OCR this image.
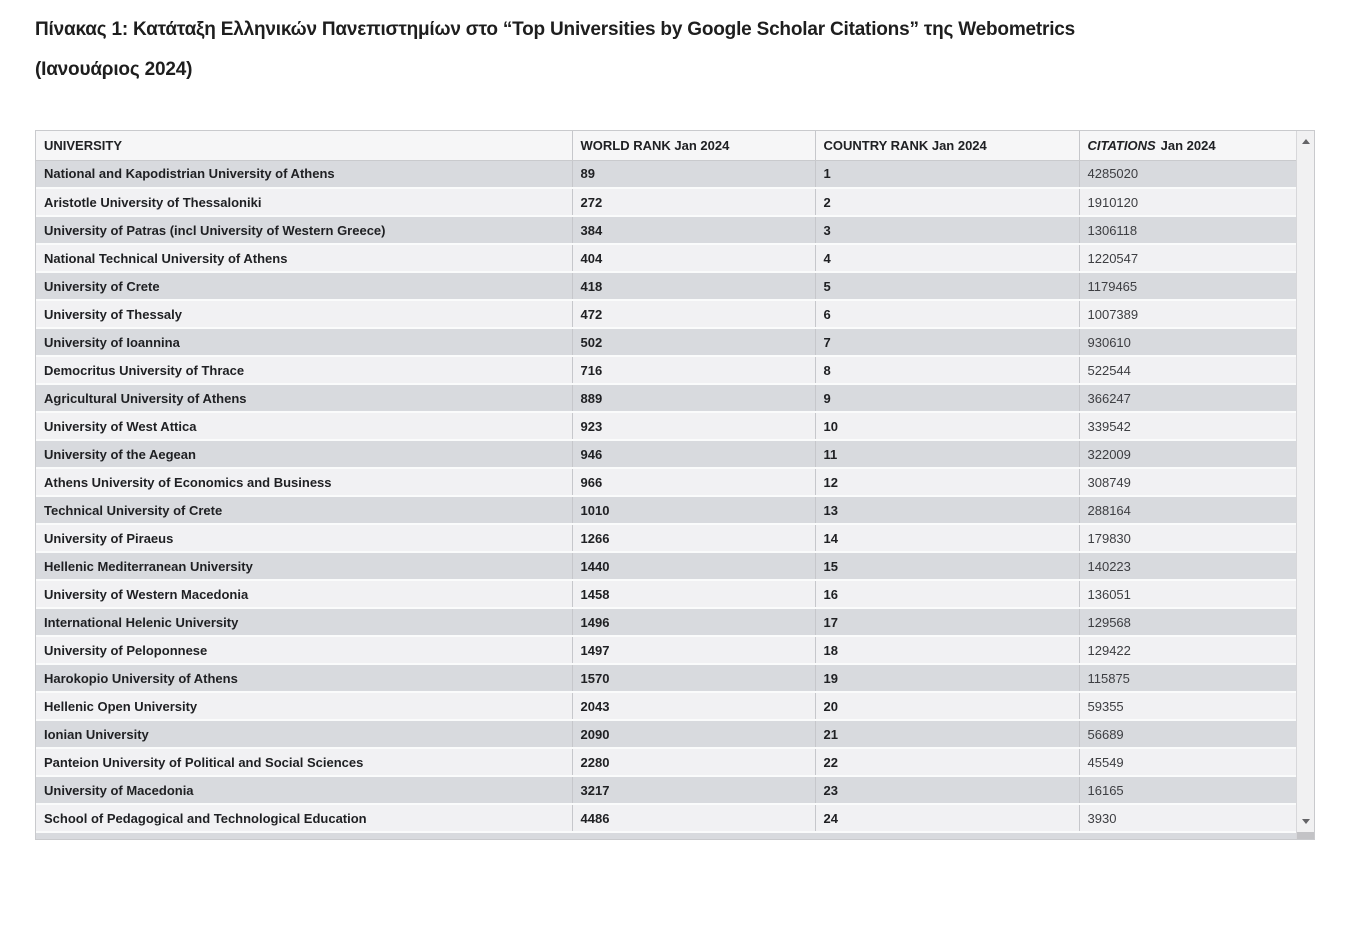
Πίνακας 1: Κατάταξη Ελληνικών Πανεπιστημίων στο “Top Universities by Google Scholar Citations” της Webometrics
(Ιανουάριος 2024)
UNIVERSITY	WORLD RANK Jan 2024	COUNTRY RANK Jan 2024	CITATIONS Jan 2024
National and Kapodistrian University of Athens	89	1	4285020
Aristotle University of Thessaloniki	272	2	1910120
University of Patras (incl University of Western Greece)	384	3	1306118
National Technical University of Athens	404	4	1220547
University of Crete	418	5	1179465
University of Thessaly	472	6	1007389
University of Ioannina	502	7	930610
Democritus University of Thrace	716	8	522544
Agricultural University of Athens	889	9	366247
University of West Attica	923	10	339542
University of the Aegean	946	11	322009
Athens University of Economics and Business	966	12	308749
Technical University of Crete	1010	13	288164
University of Piraeus	1266	14	179830
Hellenic Mediterranean University	1440	15	140223
University of Western Macedonia	1458	16	136051
International Helenic University	1496	17	129568
University of Peloponnese	1497	18	129422
Harokopio University of Athens	1570	19	115875
Hellenic Open University	2043	20	59355
Ionian University	2090	21	56689
Panteion University of Political and Social Sciences	2280	22	45549
University of Macedonia	3217	23	16165
School of Pedagogical and Technological Education	4486	24	3930
